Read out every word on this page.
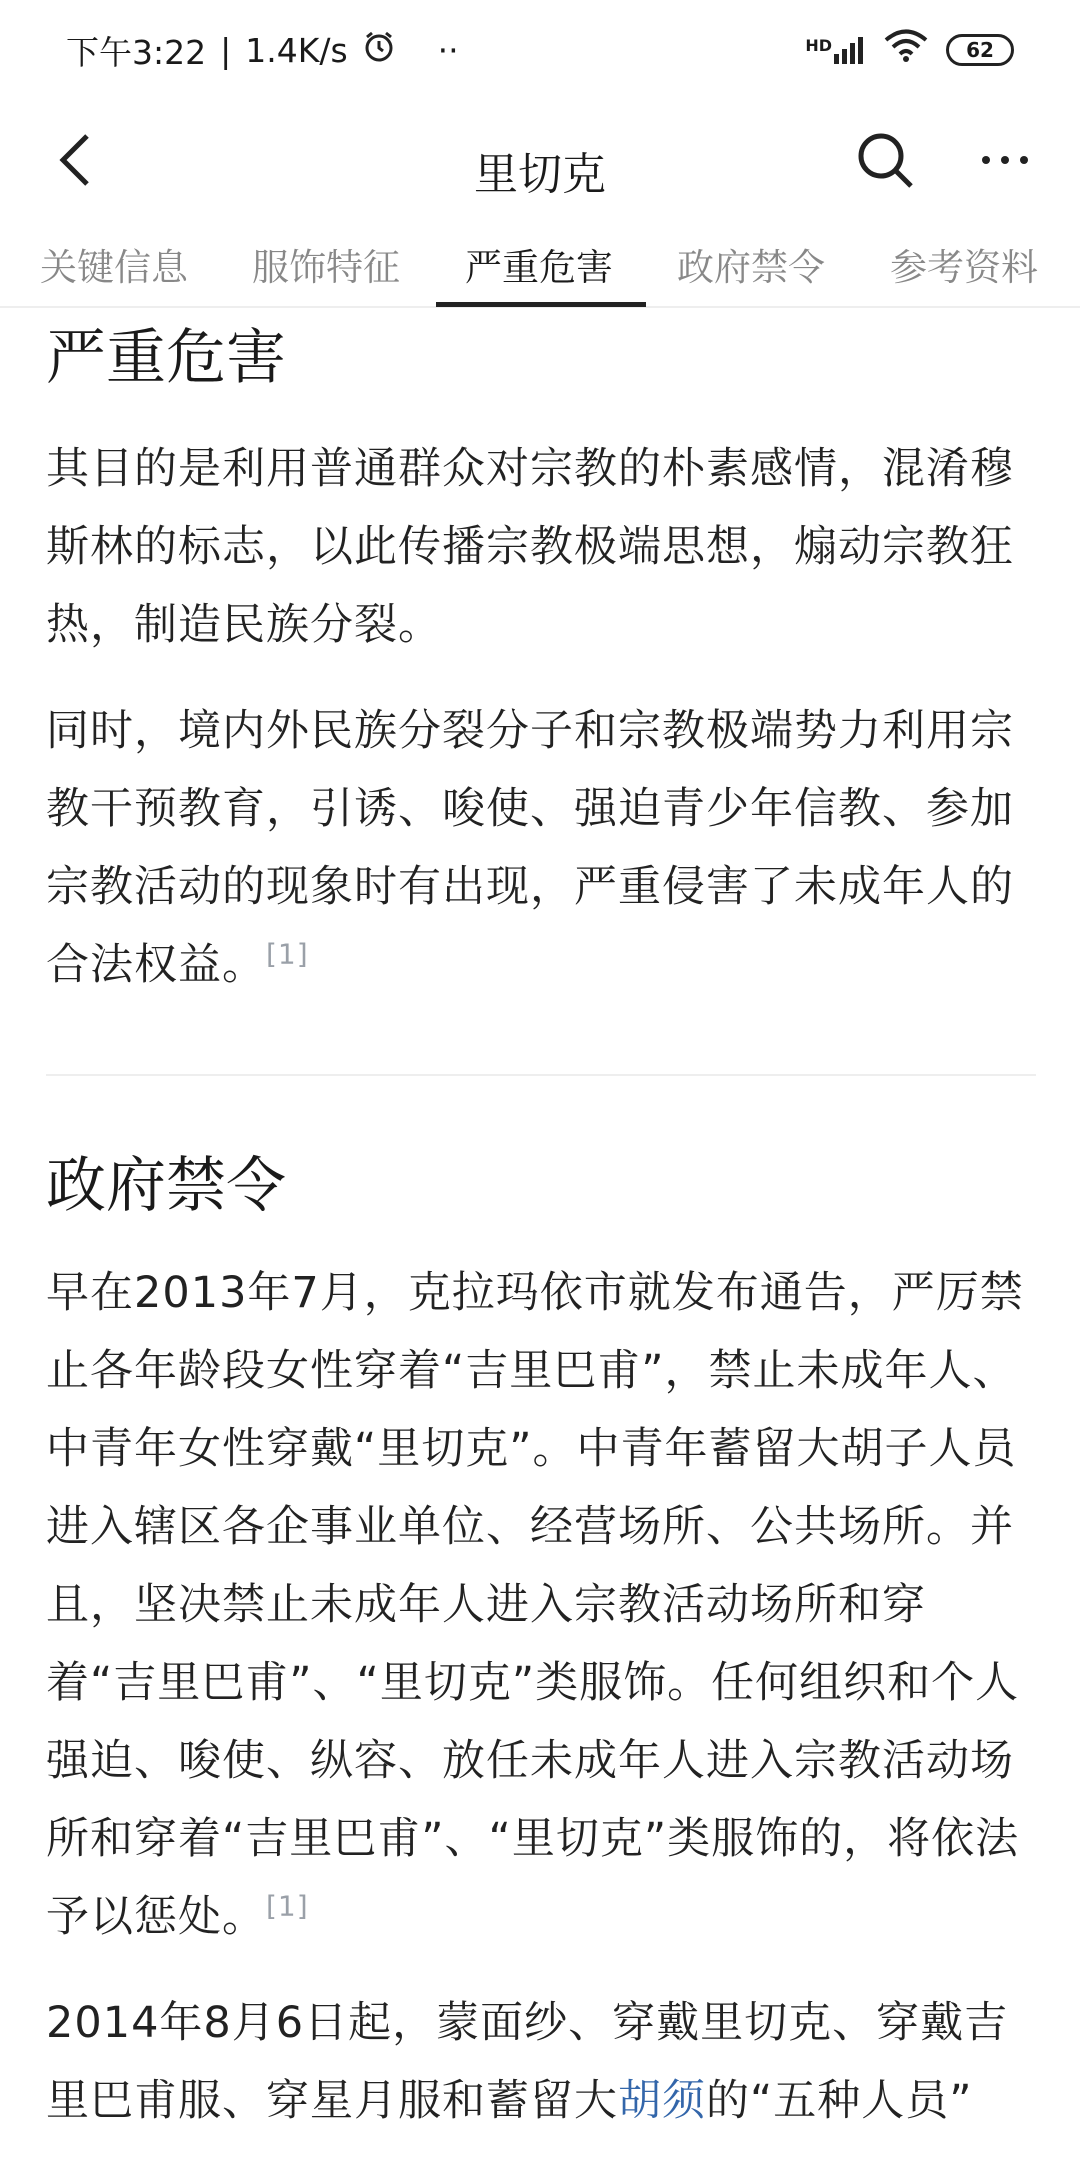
下午3:22 | 1.4K/s	··	HD	62
里切克
关键信息 服饰特征 严重危害 政府禁令 参考资料
严重危害

其目的是利用普通群众对宗教的朴素感情，混淆穆斯林的标志，以此传播宗教极端思想，煽动宗教狂热，制造民族分裂。

同时，境内外民族分裂分子和宗教极端势力利用宗教干预教育，引诱、唆使、强迫青少年信教、参加宗教活动的现象时有出现，严重侵害了未成年人的合法权益。[1]

政府禁令

早在2013年7月，克拉玛依市就发布通告，严厉禁止各年龄段女性穿着“吉里巴甫”，禁止未成年人、中青年女性穿戴“里切克”。中青年蓄留大胡子人员进入辖区各企事业单位、经营场所、公共场所。并且，坚决禁止未成年人进入宗教活动场所和穿着“吉里巴甫”、“里切克”类服饰。任何组织和个人强迫、唆使、纵容、放任未成年人进入宗教活动场所和穿着“吉里巴甫”、“里切克”类服饰的，将依法予以惩处。[1]

2014年8月6日起，蒙面纱、穿戴里切克、穿戴吉里巴甫服、穿星月服和蓄留大胡须的“五种人员”
